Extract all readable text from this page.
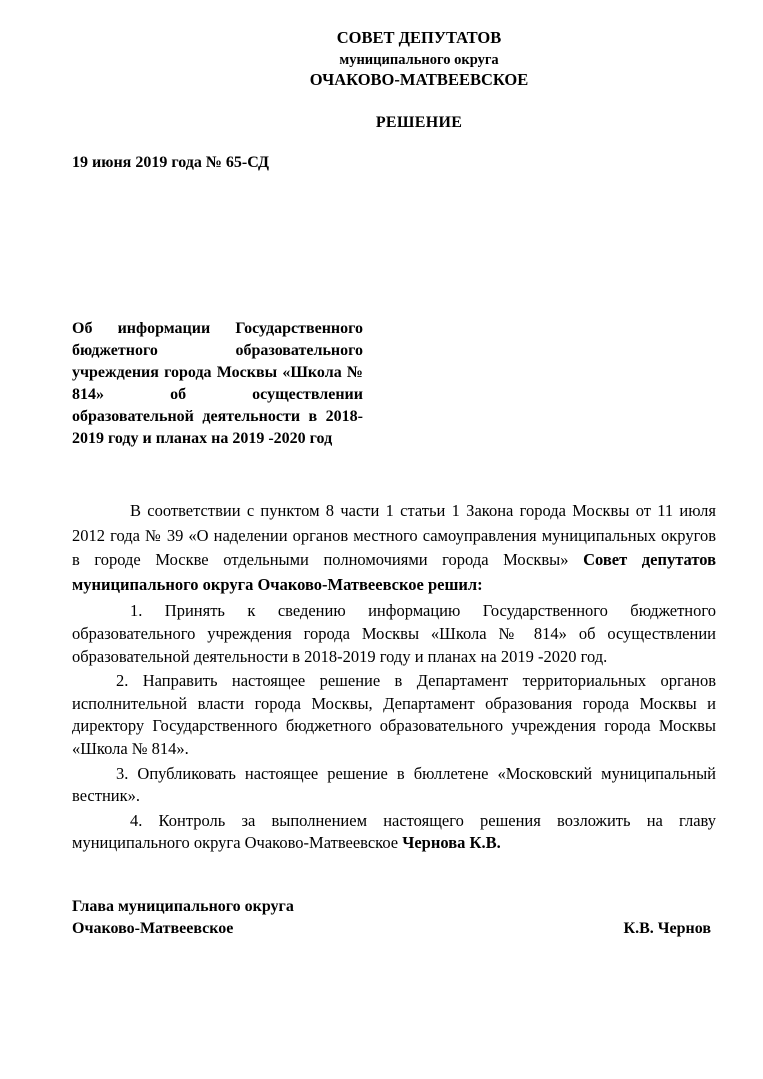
СОВЕТ ДЕПУТАТОВ
муниципального округа
ОЧАКОВО-МАТВЕЕВСКОЕ
РЕШЕНИЕ
19 июня 2019 года № 65-СД
Об информации Государственного бюджетного образовательного учреждения города Москвы «Школа № 814» об осуществлении образовательной деятельности в 2018-2019 году и планах на 2019 -2020 год

В соответствии с пунктом 8 части 1 статьи 1 Закона города Москвы от 11 июля 2012 года № 39 «О наделении органов местного самоуправления муниципальных округов в городе Москве отдельными полномочиями города Москвы» Совет депутатов муниципального округа Очаково-Матвеевское решил:

1. Принять к сведению информацию Государственного бюджетного образовательного учреждения города Москвы «Школа № 814» об осуществлении образовательной деятельности в 2018-2019 году и планах на 2019 -2020 год.

2. Направить настоящее решение в Департамент территориальных органов исполнительной власти города Москвы, Департамент образования города Москвы и директору Государственного бюджетного образовательного учреждения города Москвы «Школа № 814».

3. Опубликовать настоящее решение в бюллетене «Московский муниципальный вестник».

4. Контроль за выполнением настоящего решения возложить на главу муниципального округа Очаково-Матвеевское Чернова К.В.

Глава муниципального округа
Очаково-Матвеевское	К.В. Чернов
